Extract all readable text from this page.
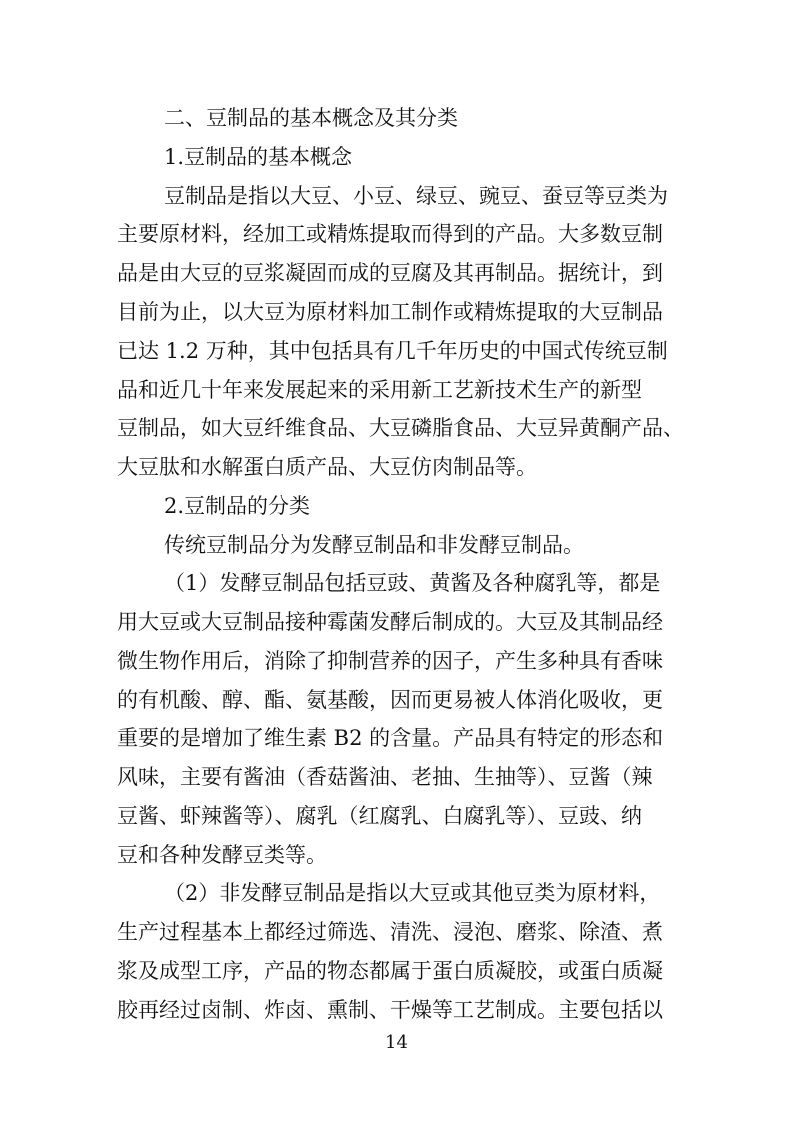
二、豆制品的基本概念及其分类

1.豆制品的基本概念

豆制品是指以大豆、小豆、绿豆、豌豆、蚕豆等豆类为

主要原材料，经加工或精炼提取而得到的产品。大多数豆制

品是由大豆的豆浆凝固而成的豆腐及其再制品。据统计，到

目前为止，以大豆为原材料加工制作或精炼提取的大豆制品

已达 1.2 万种，其中包括具有几千年历史的中国式传统豆制

品和近几十年来发展起来的采用新工艺新技术生产的新型

豆制品，如大豆纤维食品、大豆磷脂食品、大豆异黄酮产品、

大豆肽和水解蛋白质产品、大豆仿肉制品等。

2.豆制品的分类

传统豆制品分为发酵豆制品和非发酵豆制品。

（1）发酵豆制品包括豆豉、黄酱及各种腐乳等，都是

用大豆或大豆制品接种霉菌发酵后制成的。大豆及其制品经

微生物作用后，消除了抑制营养的因子，产生多种具有香味

的有机酸、醇、酯、氨基酸，因而更易被人体消化吸收，更

重要的是增加了维生素 B2 的含量。产品具有特定的形态和

风味，主要有酱油（香菇酱油、老抽、生抽等）、豆酱（辣

豆酱、虾辣酱等）、腐乳（红腐乳、白腐乳等）、豆豉、纳

豆和各种发酵豆类等。

（2）非发酵豆制品是指以大豆或其他豆类为原材料，

生产过程基本上都经过筛选、清洗、浸泡、磨浆、除渣、煮

浆及成型工序，产品的物态都属于蛋白质凝胶，或蛋白质凝

胶再经过卤制、炸卤、熏制、干燥等工艺制成。主要包括以

14
